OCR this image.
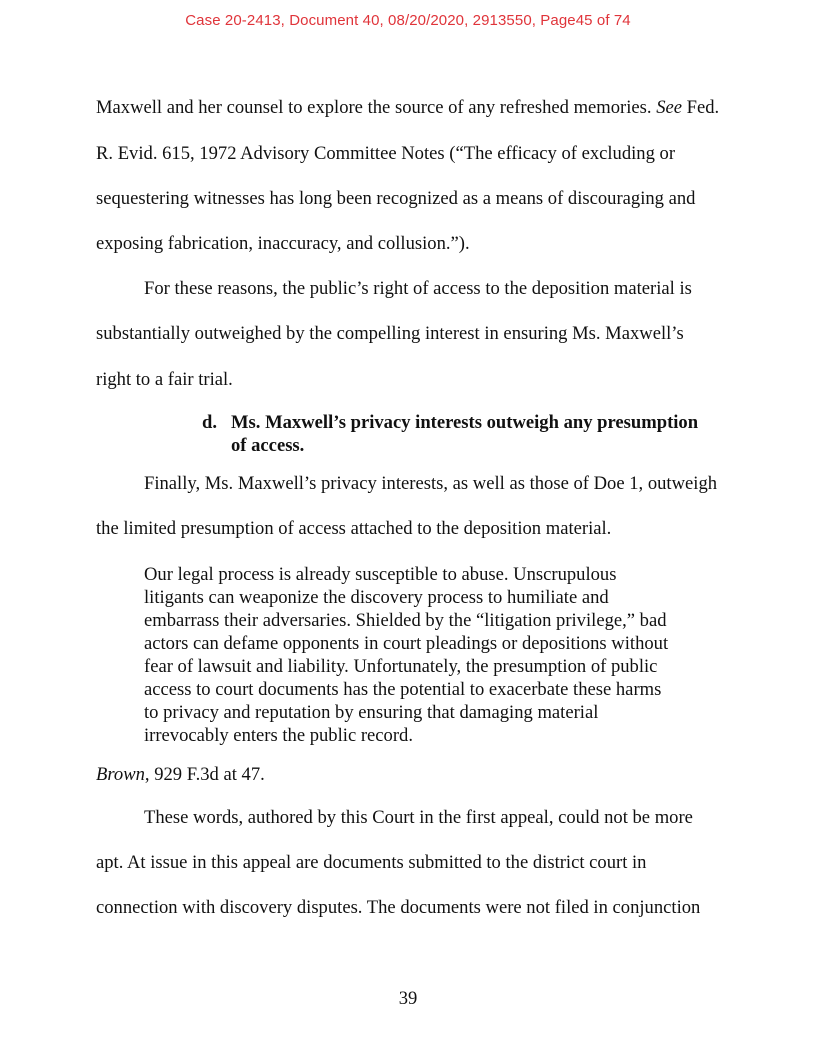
Case 20-2413, Document 40, 08/20/2020, 2913550, Page45 of 74
Maxwell and her counsel to explore the source of any refreshed memories. See Fed.
R. Evid. 615, 1972 Advisory Committee Notes (“The efficacy of excluding or
sequestering witnesses has long been recognized as a means of discouraging and
exposing fabrication, inaccuracy, and collusion.”).
For these reasons, the public’s right of access to the deposition material is
substantially outweighed by the compelling interest in ensuring Ms. Maxwell’s
right to a fair trial.
d. Ms. Maxwell’s privacy interests outweigh any presumption
of access.
Finally, Ms. Maxwell’s privacy interests, as well as those of Doe 1, outweigh
the limited presumption of access attached to the deposition material.
Our legal process is already susceptible to abuse. Unscrupulous
litigants can weaponize the discovery process to humiliate and
embarrass their adversaries. Shielded by the “litigation privilege,” bad
actors can defame opponents in court pleadings or depositions without
fear of lawsuit and liability. Unfortunately, the presumption of public
access to court documents has the potential to exacerbate these harms
to privacy and reputation by ensuring that damaging material
irrevocably enters the public record.
Brown, 929 F.3d at 47.
These words, authored by this Court in the first appeal, could not be more
apt. At issue in this appeal are documents submitted to the district court in
connection with discovery disputes. The documents were not filed in conjunction
39
